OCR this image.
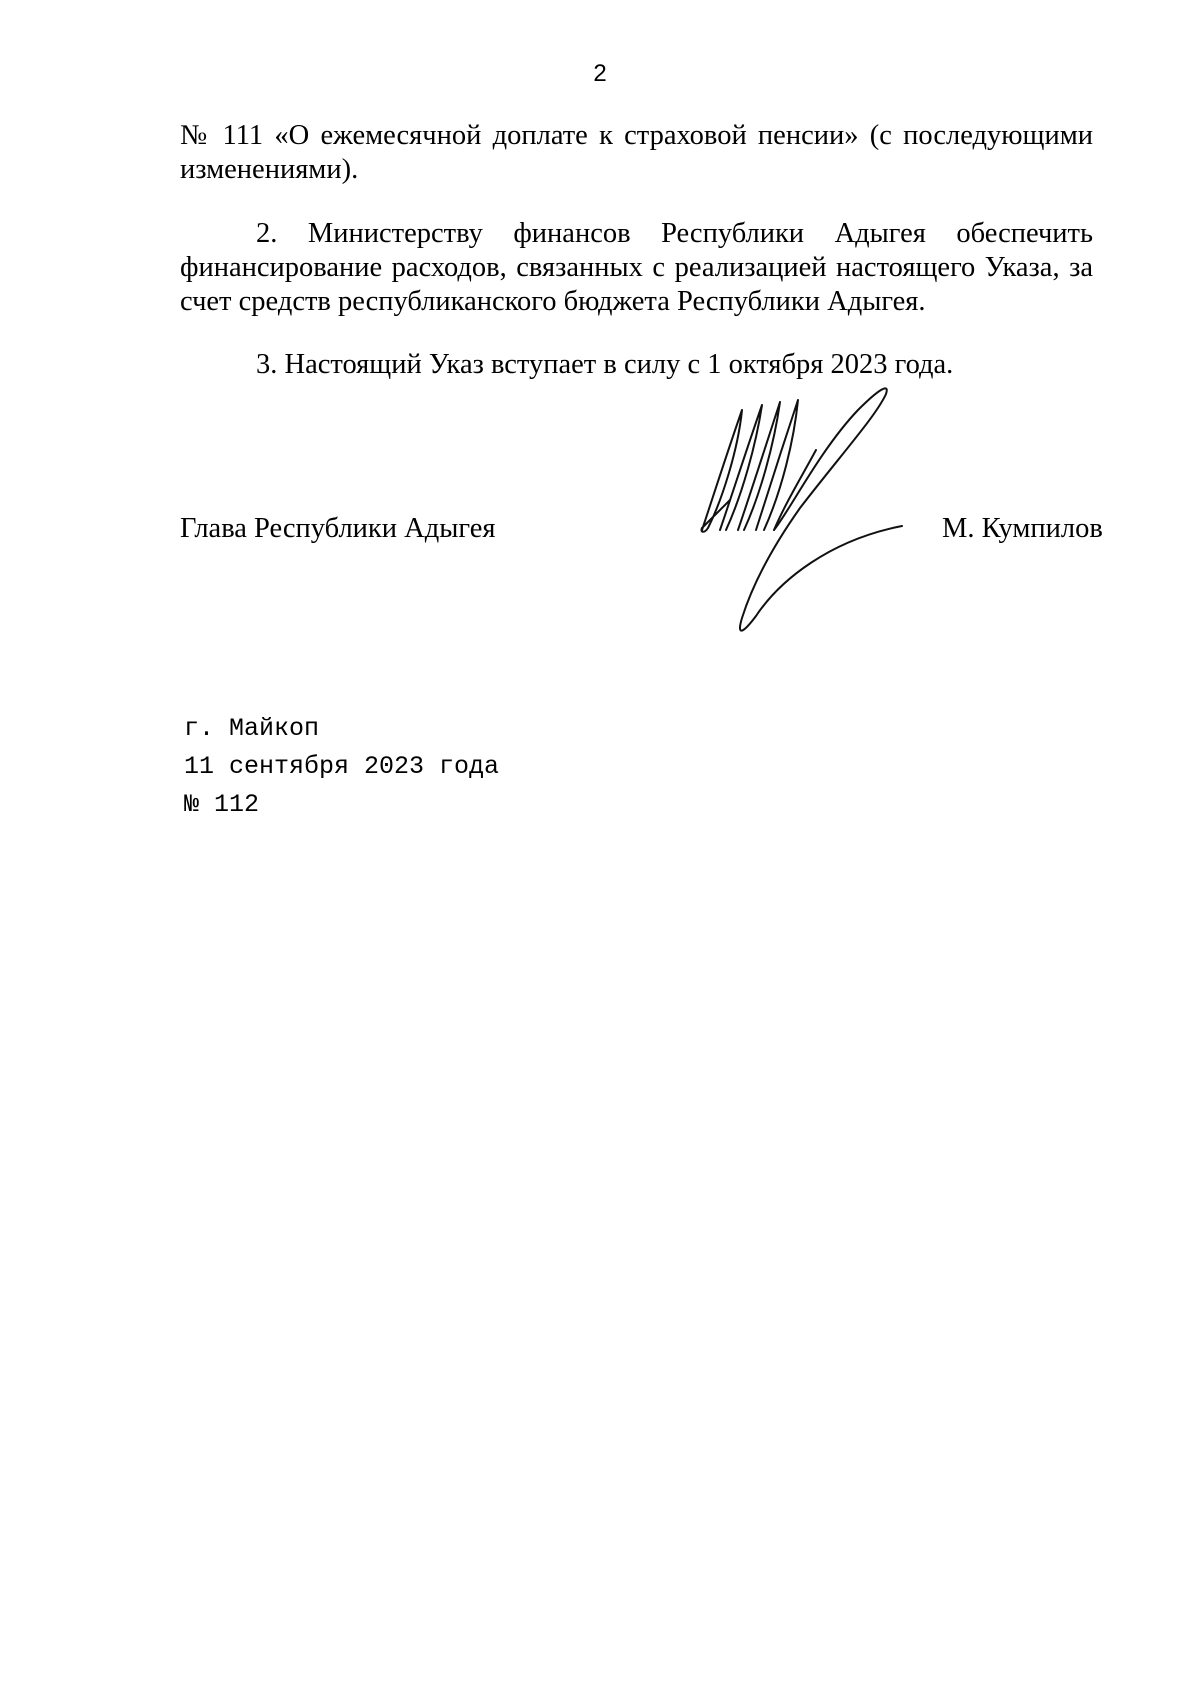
2

№ 111 «О ежемесячной доплате к страховой пенсии» (с последующими изменениями).

2. Министерству финансов Республики Адыгея обеспечить финансирование расходов, связанных с реализацией настоящего Указа, за счет средств республиканского бюджета Республики Адыгея.

3. Настоящий Указ вступает в силу с 1 октября 2023 года.

Глава Республики Адыгея	М. Кумпилов
г. Майкоп
11 сентября 2023 года
№ 112
